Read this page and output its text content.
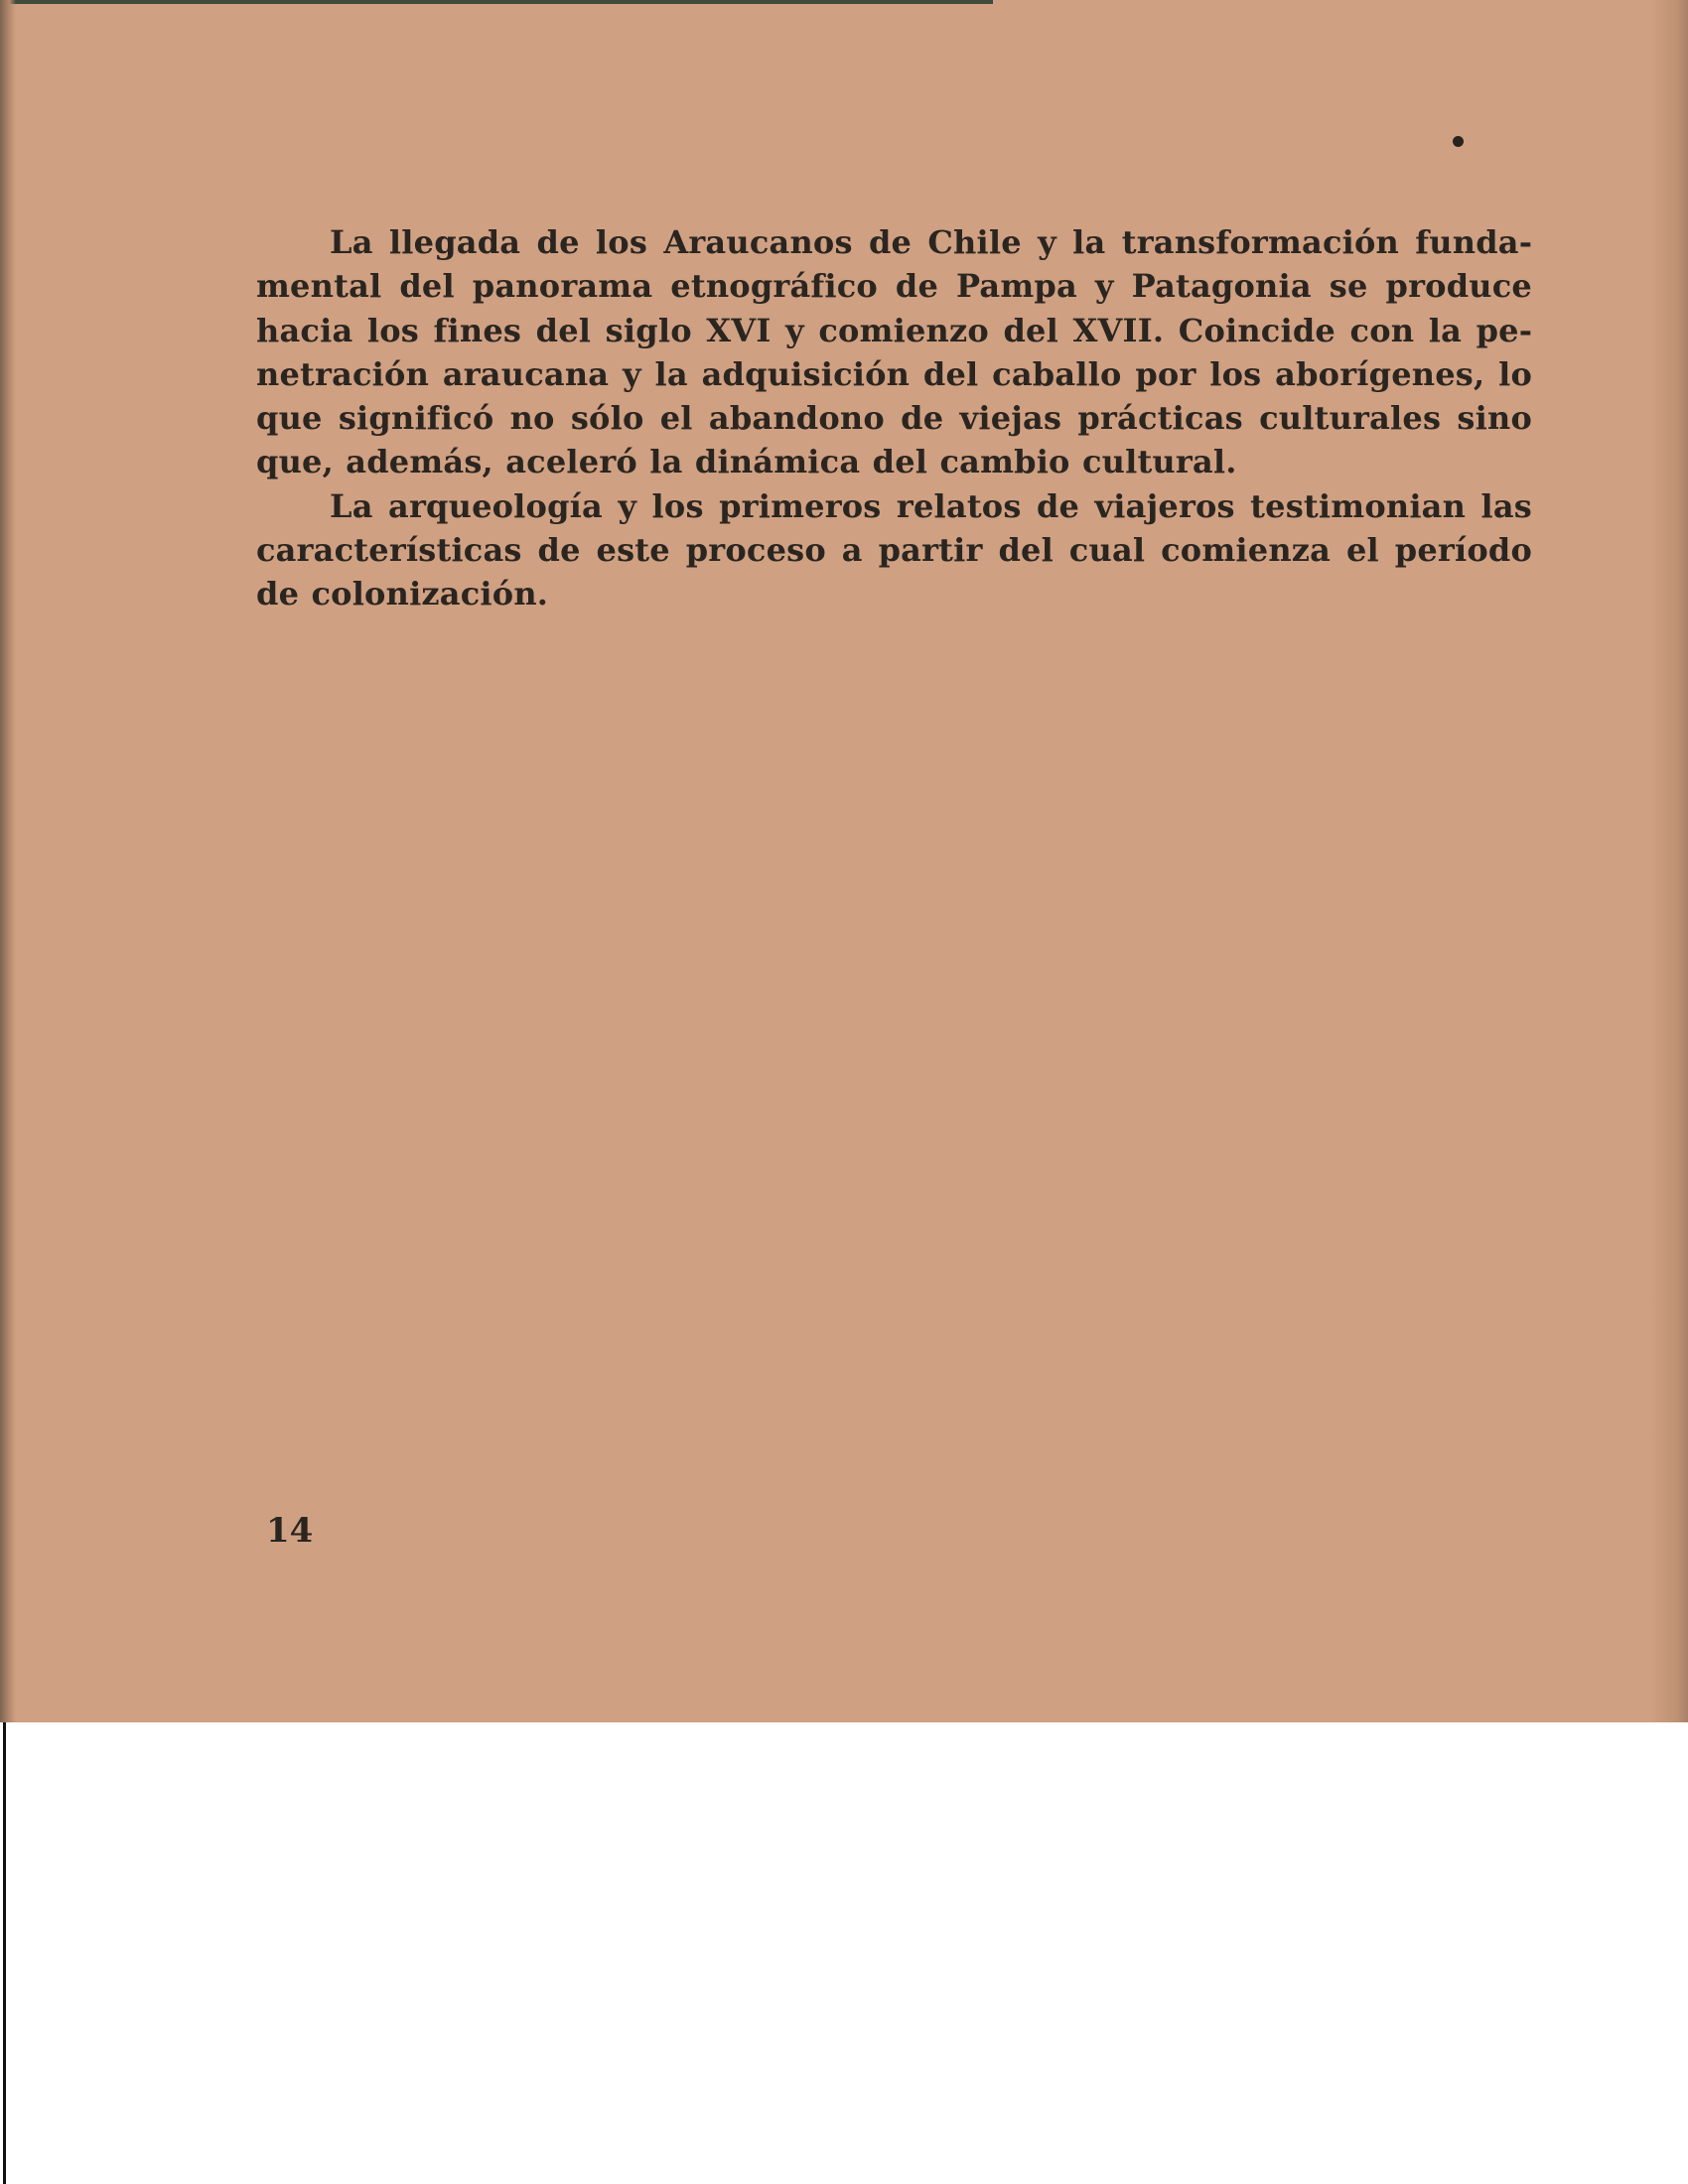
La llegada de los Araucanos de Chile y la transformación fundamental del panorama etnográfico de Pampa y Patagonia se produce hacia los fines del siglo XVI y comienzo del XVII. Coincide con la penetración araucana y la adquisición del caballo por los aborígenes, lo que significó no sólo el abandono de viejas prácticas culturales sino que, además, aceleró la dinámica del cambio cultural.

La arqueología y los primeros relatos de viajeros testimonian las características de este proceso a partir del cual comienza el período de colonización.

14
